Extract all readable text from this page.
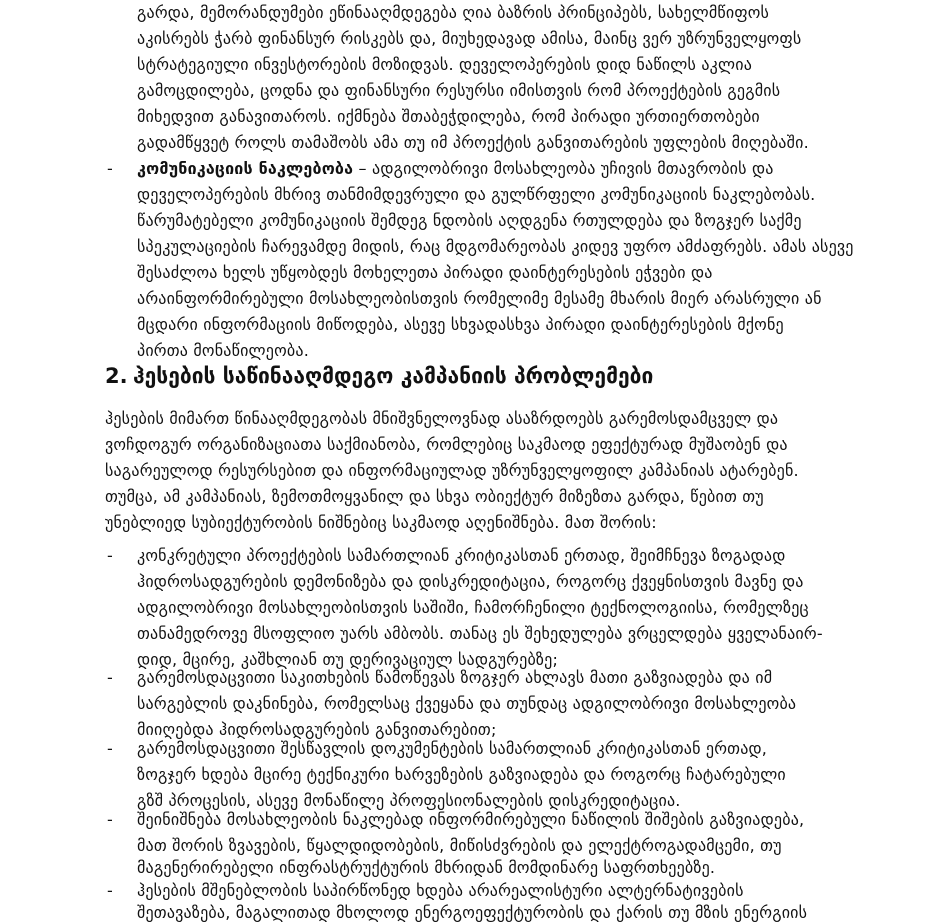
გარდა, მემორანდუმები ეწინააღმდეგება ღია ბაზრის პრინციპებს, სახელმწიფოს
აკისრებს ჭარბ ფინანსურ რისკებს და, მიუხედავად ამისა, მაინც ვერ უზრუნველყოფს
სტრატეგიული ინვესტორების მოზიდვას. დეველოპერების დიდ ნაწილს აკლია
გამოცდილება, ცოდნა და ფინანსური რესურსი იმისთვის რომ პროექტების გეგმის
მიხედვით განავითაროს. იქმნება შთაბეჭდილება, რომ პირადი ურთიერთობები
გადამწყვეტ როლს თამაშობს ამა თუ იმ პროექტის განვითარების უფლების მიღებაში.
- კომუნიკაციის ნაკლებობა – ადგილობრივი მოსახლეობა უჩივის მთავრობის და
დეველოპერების მხრივ თანმიმდევრული და გულწრფელი კომუნიკაციის ნაკლებობას.
წარუმატებელი კომუნიკაციის შემდეგ ნდობის აღდგენა რთულდება და ზოგჯერ საქმე
სპეკულაციების ჩარევამდე მიდის, რაც მდგომარეობას კიდევ უფრო ამძაფრებს. ამას ასევე
შესაძლოა ხელს უწყობდეს მოხელეთა პირადი დაინტერესების ეჭვები და
არაინფორმირებული მოსახლეობისთვის რომელიმე მესამე მხარის მიერ არასრული ან
მცდარი ინფორმაციის მიწოდება, ასევე სხვადასხვა პირადი დაინტერესების მქონე
პირთა მონაწილეობა.
2. ჰესების საწინააღმდეგო კამპანიის პრობლემები
ჰესების მიმართ წინააღმდეგობას მნიშვნელოვნად ასაზრდოებს გარემოსდამცველ და
ვოჩდოგურ ორგანიზაციათა საქმიანობა, რომლებიც საკმაოდ ეფექტურად მუშაობენ და
საგარეულოდ რესურსებით და ინფორმაციულად უზრუნველყოფილ კამპანიას ატარებენ.
თუმცა, ამ კამპანიას, ზემოთმოყვანილ და სხვა ობიექტურ მიზეზთა გარდა, წებით თუ
უნებლიედ სუბიექტურობის ნიშნებიც საკმაოდ აღენიშნება. მათ შორის:
- კონკრეტული პროექტების სამართლიან კრიტიკასთან ერთად, შეიმჩნევა ზოგადად
ჰიდროსადგურების დემონიზება და დისკრედიტაცია, როგორც ქვეყნისთვის მავნე და
ადგილობრივი მოსახლეობისთვის საშიში, ჩამორჩენილი ტექნოლოგიისა, რომელზეც
თანამედროვე მსოფლიო უარს ამბობს. თანაც ეს შეხედულება ვრცელდება ყველანაირ-
დიდ, მცირე, კაშხლიან თუ დერივაციულ სადგურებზე;
- გარემოსდაცვითი საკითხების წამოწევას ზოგჯერ ახლავს მათი გაზვიადება და იმ
სარგებლის დაკნინება, რომელსაც ქვეყანა და თუნდაც ადგილობრივი მოსახლეობა
მიიღებდა ჰიდროსადგურების განვითარებით;
- გარემოსდაცვითი შესწავლის დოკუმენტების სამართლიან კრიტიკასთან ერთად,
ზოგჯერ ხდება მცირე ტექნიკური ხარვეზების გაზვიადება და როგორც ჩატარებული
გზშ პროცესის, ასევე მონაწილე პროფესიონალების დისკრედიტაცია.
- შეინიშნება მოსახლეობის ნაკლებად ინფორმირებული ნაწილის შიშების გაზვიადება,
მათ შორის ზვავების, წყალდიდობების, მიწისძვრების და ელექტროგადამცემი, თუ
მაგენერირებელი ინფრასტრუქტურის მხრიდან მომდინარე საფრთხეებზე.
- ჰესების მშენებლობის საპირწონედ ხდება არარეალისტური ალტერნატივების
შეთავაზება, მაგალითად მხოლოდ ენერგოეფექტურობის და ქარის თუ მზის ენერგიის
